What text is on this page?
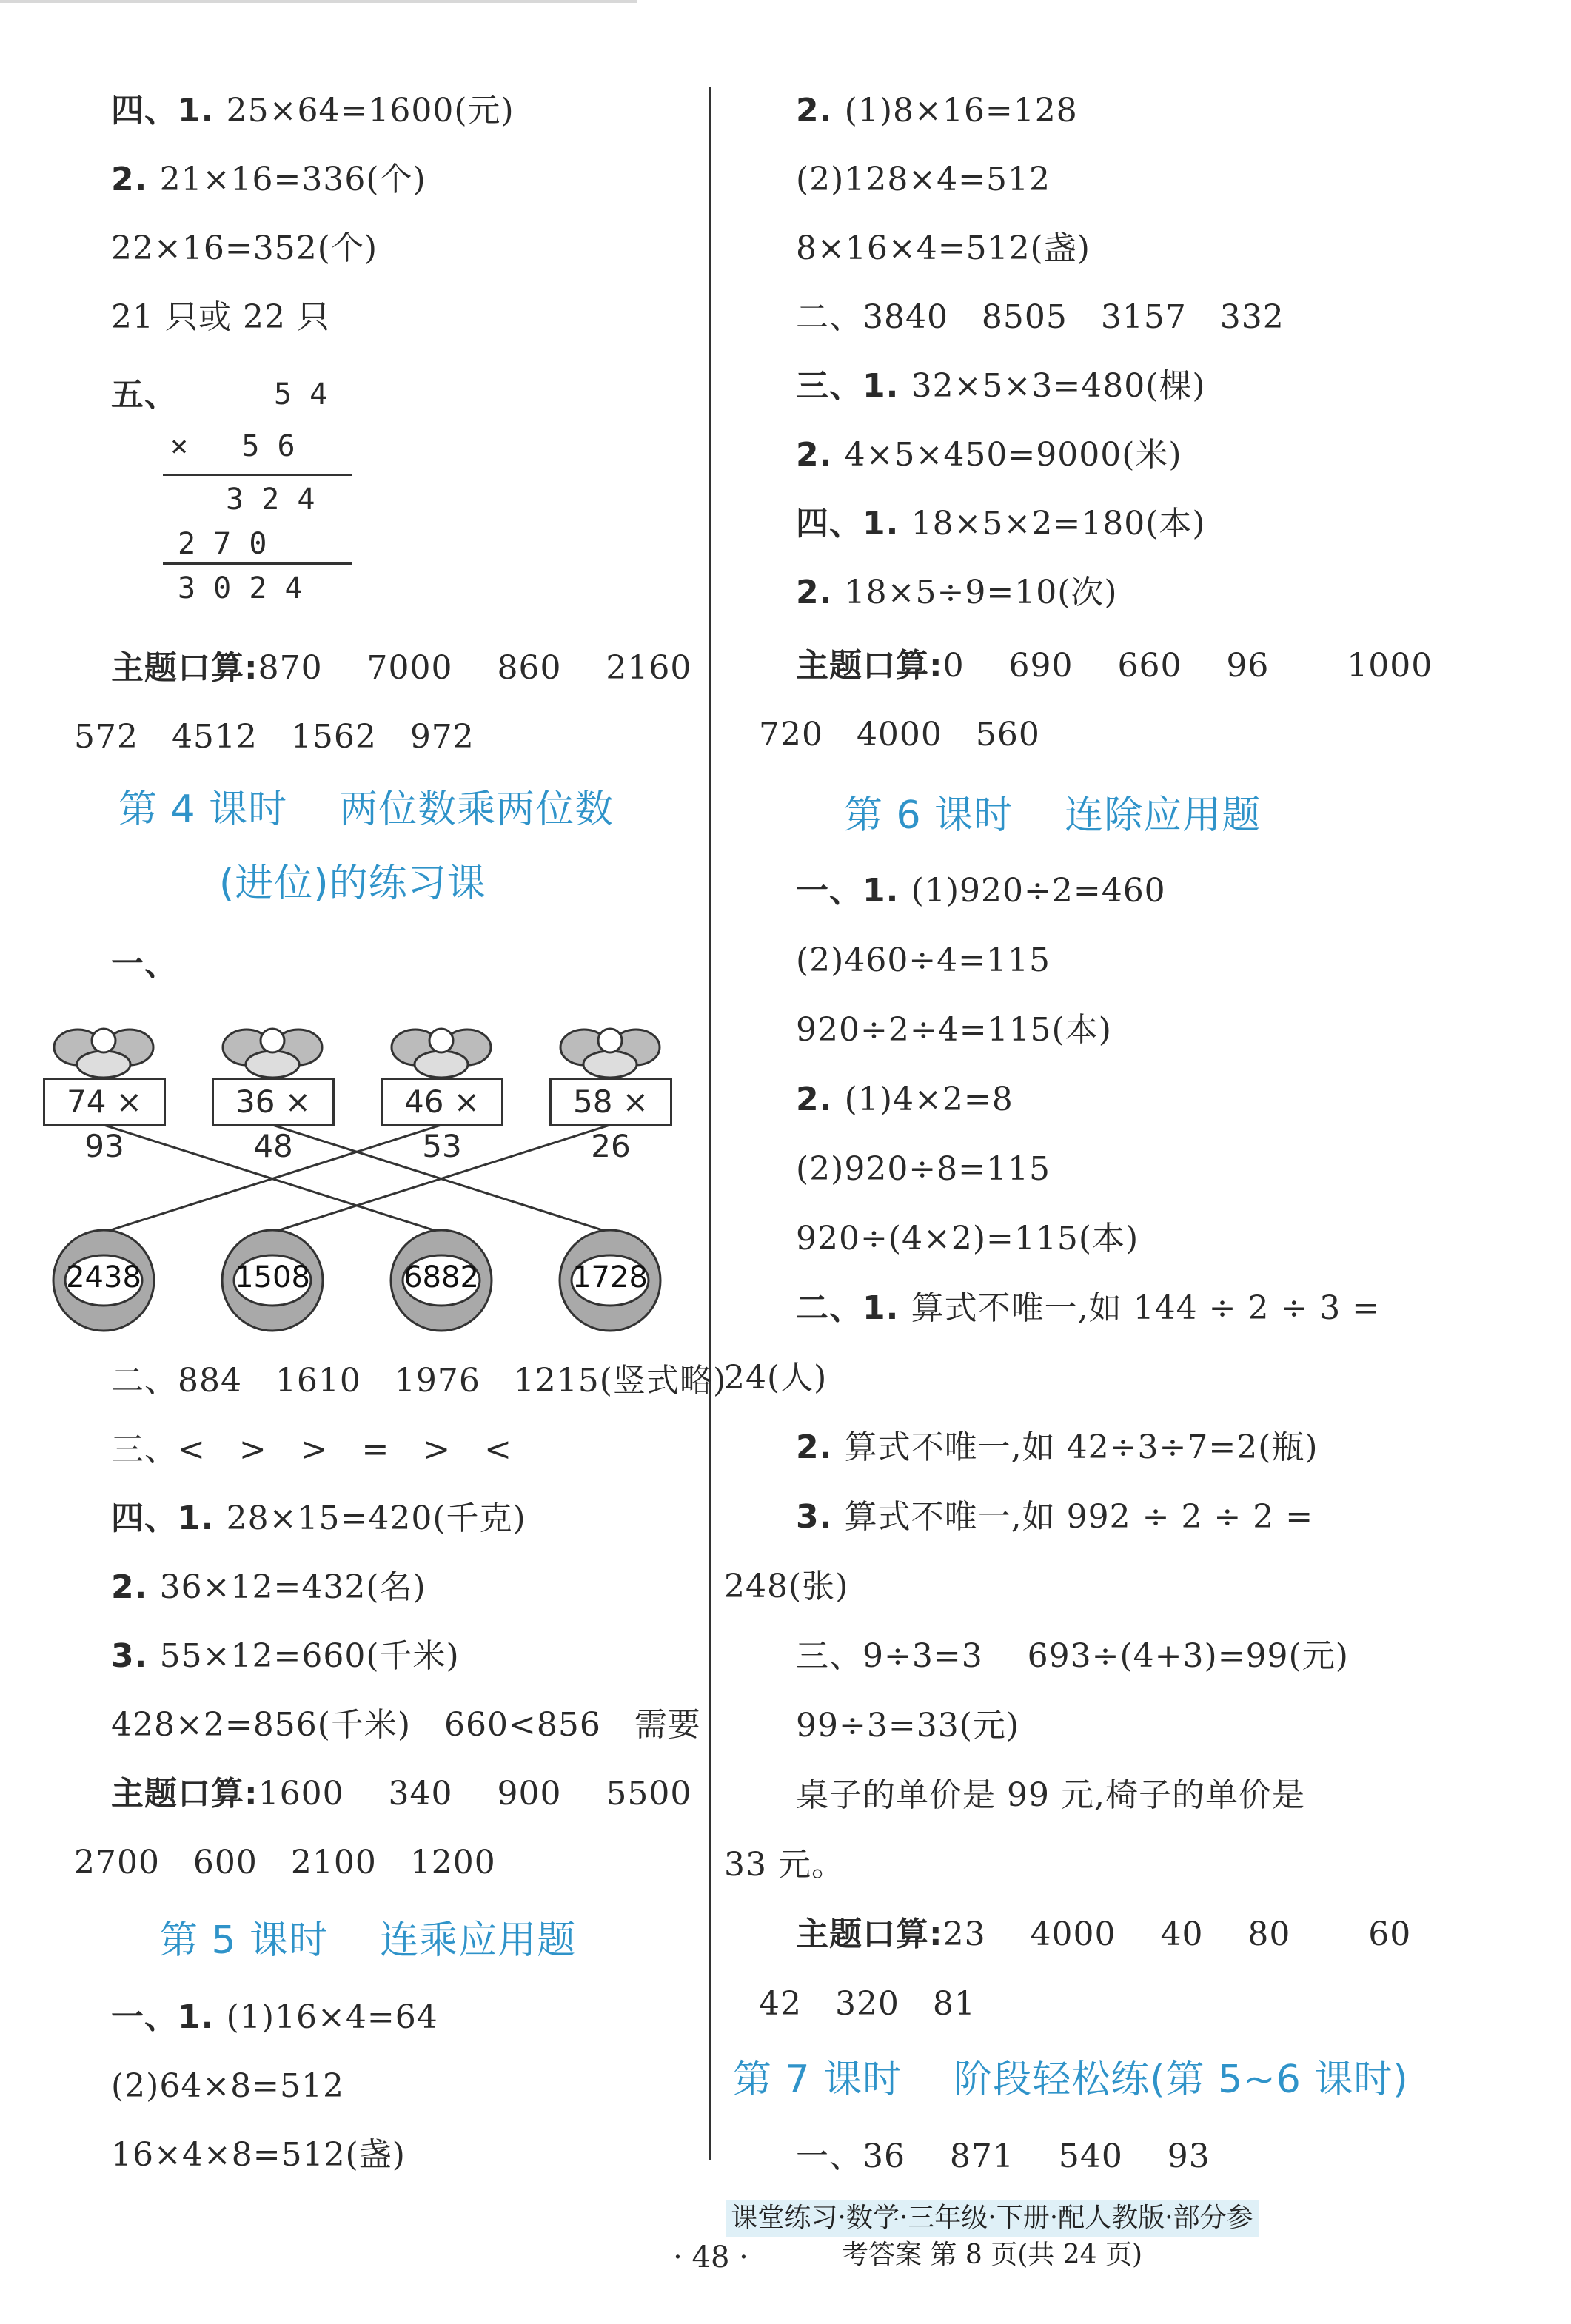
四、1. 25×64=1600(元)
2. 21×16=336(个)
22×16=352(个)
21 只或 22 只
五、	5 4
×   5 6
3 2 4
2 7 0
3 0 2 4
主题口算:870    7000    860    2160
572   4512   1562   972
第 4 课时    两位数乘两位数
(进位)的练习课
一、
74 × 93
36 × 48
46 × 53
58 × 26
2438	1508	6882	1728
二、884   1610   1976   1215(竖式略)
三、<   >   >   =   >   <
四、1. 28×15=420(千克)
2. 36×12=432(名)
3. 55×12=660(千米)
428×2=856(千米)   660<856   需要
主题口算:1600    340    900    5500
2700   600   2100   1200
第 5 课时    连乘应用题
一、1. (1)16×4=64
(2)64×8=512
16×4×8=512(盏)
2. (1)8×16=128
(2)128×4=512
8×16×4=512(盏)
二、3840   8505   3157   332
三、1. 32×5×3=480(棵)
2. 4×5×450=9000(米)
四、1. 18×5×2=180(本)
2. 18×5÷9=10(次)
主题口算:0    690    660    96       1000
720   4000   560
第 6 课时    连除应用题
一、1. (1)920÷2=460
(2)460÷4=115
920÷2÷4=115(本)
2. (1)4×2=8
(2)920÷8=115
920÷(4×2)=115(本)
二、1. 算式不唯一,如 144 ÷ 2 ÷ 3 =
24(人)
2. 算式不唯一,如 42÷3÷7=2(瓶)
3. 算式不唯一,如 992 ÷ 2 ÷ 2 =
248(张)
三、9÷3=3    693÷(4+3)=99(元)
99÷3=33(元)
桌子的单价是 99 元,椅子的单价是
33 元。
主题口算:23    4000    40    80       60
42   320   81
第 7 课时    阶段轻松练(第 5~6 课时)
一、36    871    540    93
课堂练习·数学·三年级·下册·配人教版·部分参考答案 第 8 页(共 24 页)
· 48 ·
